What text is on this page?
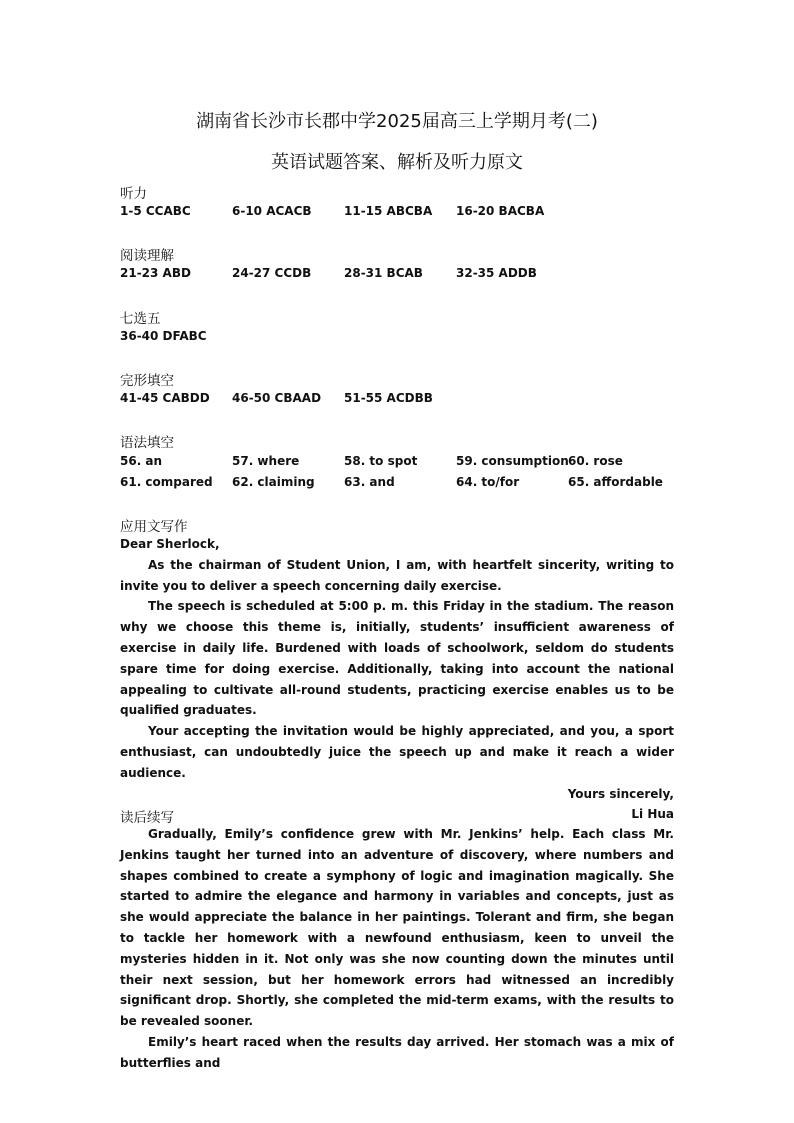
湖南省长沙市长郡中学2025届高三上学期月考(二)
英语试题答案、解析及听力原文
听力
1-5 CCABC	6-10 ACACB	11-15 ABCBA 16-20 BACBA
阅读理解
21-23 ABD	24-27 CCDB	28-31 BCAB	32-35 ADDB
七选五
36-40 DFABC
完形填空
41-45 CABDD 46-50 CBAAD 51-55 ACDBB
语法填空
56. an	57. where	58. to spot	59. consumption 60. rose
61. compared 62. claiming 63. and	64. to/for	65. affordable
应用文写作

Dear Sherlock,

As the chairman of Student Union, I am, with heartfelt sincerity, writing to invite you to deliver a speech concerning daily exercise.

The speech is scheduled at 5:00 p. m. this Friday in the stadium. The reason why we choose this theme is, initially, students’ insufficient awareness of exercise in daily life. Burdened with loads of schoolwork, seldom do students spare time for doing exercise. Additionally, taking into account the national appealing to cultivate all-round students, practicing exercise enables us to be qualified graduates.

Your accepting the invitation would be highly appreciated, and you, a sport enthusiast, can undoubtedly juice the speech up and make it reach a wider audience.

Yours sincerely,

Li Hua

读后续写

Gradually, Emily’s confidence grew with Mr. Jenkins’ help. Each class Mr. Jenkins taught her turned into an adventure of discovery, where numbers and shapes combined to create a symphony of logic and imagination magically. She started to admire the elegance and harmony in variables and concepts, just as she would appreciate the balance in her paintings. Tolerant and firm, she began to tackle her homework with a newfound enthusiasm, keen to unveil the mysteries hidden in it. Not only was she now counting down the minutes until their next session, but her homework errors had witnessed an incredibly significant drop. Shortly, she completed the mid-term exams, with the results to be revealed sooner.

Emily’s heart raced when the results day arrived. Her stomach was a mix of butterflies and
